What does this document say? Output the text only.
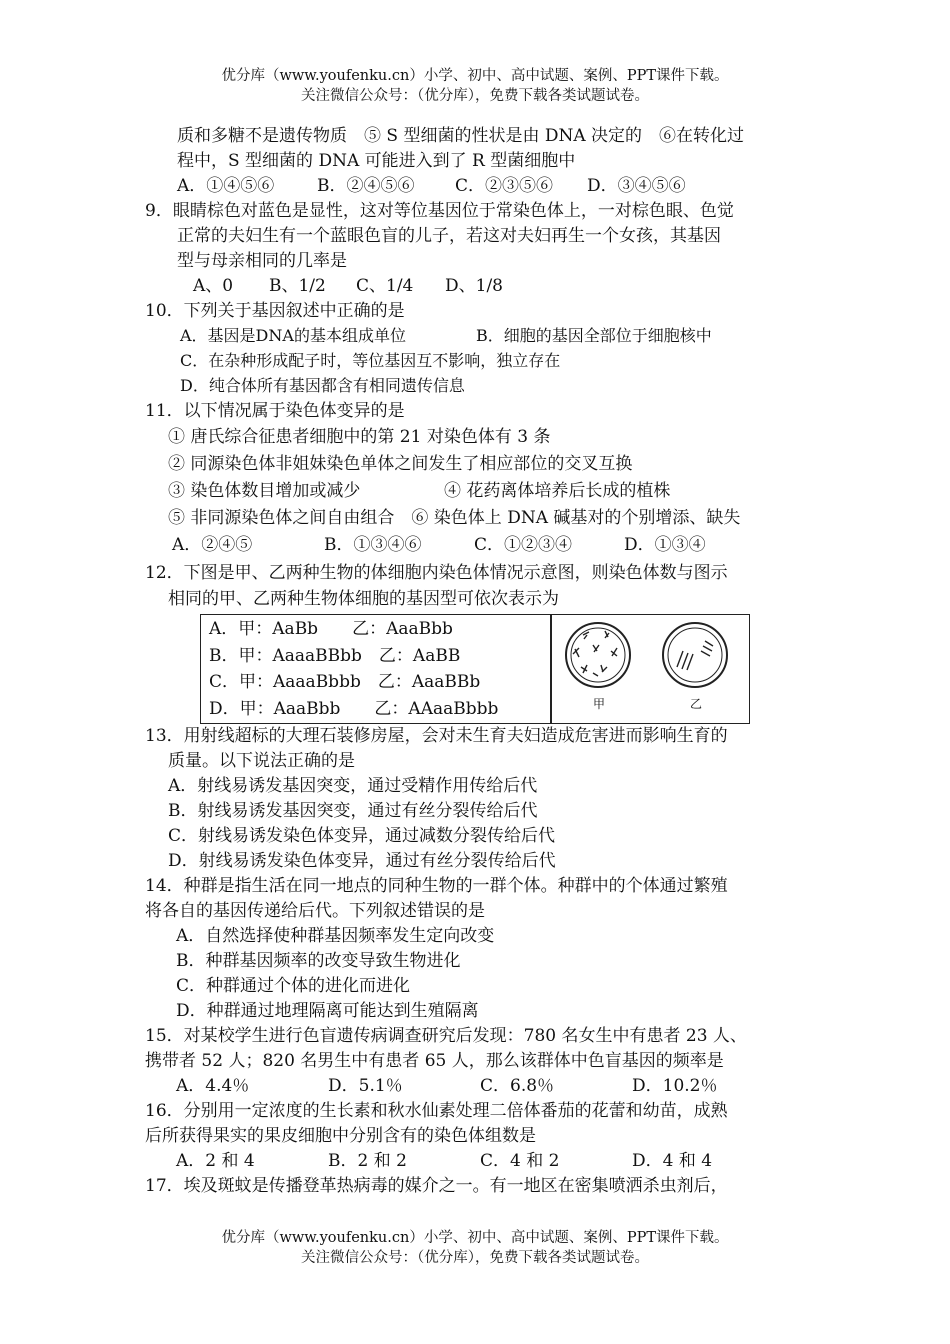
优分库（www.youfenku.cn）小学、初中、高中试题、案例、PPT课件下载。
关注微信公众号：（优分库），免费下载各类试题试卷。
质和多糖不是遗传物质　⑤ S 型细菌的性状是由 DNA 决定的　⑥在转化过
程中，S 型细菌的 DNA 可能进入到了 R 型菌细胞中
A．①④⑤⑥	B．②④⑤⑥ C．②③⑤⑥ D．③④⑤⑥
9．眼睛棕色对蓝色是显性，这对等位基因位于常染色体上，一对棕色眼、色觉
正常的夫妇生有一个蓝眼色盲的儿子，若这对夫妇再生一个女孩，其基因
型与母亲相同的几率是
A、0 B、1/2 C、1/4 D、1/8
10．下列关于基因叙述中正确的是
A．基因是DNA的基本组成单位	B．细胞的基因全部位于细胞核中
C．在杂种形成配子时，等位基因互不影响，独立存在
D．纯合体所有基因都含有相同遗传信息
11．以下情况属于染色体变异的是
① 唐氏综合征患者细胞中的第 21 对染色体有 3 条
② 同源染色体非姐妹染色单体之间发生了相应部位的交叉互换
③ 染色体数目增加或减少	④ 花药离体培养后长成的植株
⑤ 非同源染色体之间自由组合　⑥ 染色体上 DNA 碱基对的个别增添、缺失
A．②④⑤	B．①③④⑥	C．①②③④	D．①③④
12．下图是甲、乙两种生物的体细胞内染色体情况示意图，则染色体数与图示
相同的甲、乙两种生物体细胞的基因型可依次表示为
A．甲：AaBb　　乙：AaaBbb
B．甲：AaaaBBbb　乙：AaBB
C．甲：AaaaBbbb　乙：AaaBBb
D．甲：AaaBbb　　乙：AAaaBbbb	甲	乙
13．用射线超标的大理石装修房屋，会对未生育夫妇造成危害进而影响生育的
质量。以下说法正确的是
A．射线易诱发基因突变，通过受精作用传给后代
B．射线易诱发基因突变，通过有丝分裂传给后代
C．射线易诱发染色体变异，通过减数分裂传给后代
D．射线易诱发染色体变异，通过有丝分裂传给后代
14．种群是指生活在同一地点的同种生物的一群个体。种群中的个体通过繁殖
将各自的基因传递给后代。下列叙述错误的是
A．自然选择使种群基因频率发生定向改变
B．种群基因频率的改变导致生物进化
C．种群通过个体的进化而进化
D．种群通过地理隔离可能达到生殖隔离
15．对某校学生进行色盲遗传病调查研究后发现：780 名女生中有患者 23 人、
携带者 52 人；820 名男生中有患者 65 人，那么该群体中色盲基因的频率是
A．4.4％	D．5.1％	C．6.8％	D．10.2％
16．分别用一定浓度的生长素和秋水仙素处理二倍体番茄的花蕾和幼苗，成熟
后所获得果实的果皮细胞中分别含有的染色体组数是
A．2 和 4	B．2 和 2	C．4 和 2	D．4 和 4
17．埃及斑蚊是传播登革热病毒的媒介之一。有一地区在密集喷洒杀虫剂后，
优分库（www.youfenku.cn）小学、初中、高中试题、案例、PPT课件下载。
关注微信公众号：（优分库），免费下载各类试题试卷。
